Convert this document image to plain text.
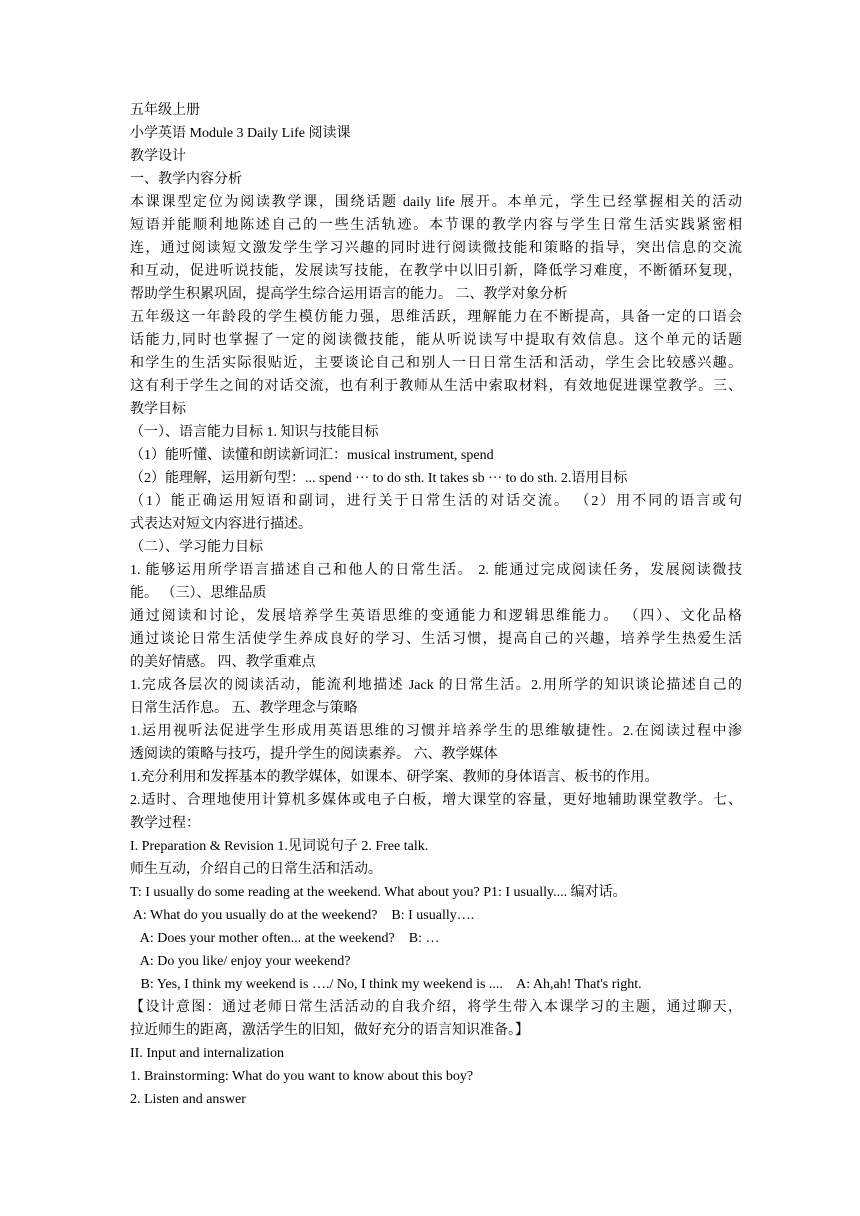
五年级上册
小学英语 Module 3 Daily Life 阅读课
教学设计
一、教学内容分析
本课课型定位为阅读教学课，围绕话题 daily life 展开。本单元，学生已经掌握相关的活动
短语并能顺利地陈述自己的一些生活轨迹。本节课的教学内容与学生日常生活实践紧密相
连，通过阅读短文激发学生学习兴趣的同时进行阅读微技能和策略的指导，突出信息的交流
和互动，促进听说技能，发展读写技能，在教学中以旧引新，降低学习难度，不断循环复现，
帮助学生积累巩固，提高学生综合运用语言的能力。 二、教学对象分析
五年级这一年龄段的学生模仿能力强，思维活跃，理解能力在不断提高，具备一定的口语会
话能力,同时也掌握了一定的阅读微技能，能从听说读写中提取有效信息。这个单元的话题
和学生的生活实际很贴近，主要谈论自己和别人一日日常生活和活动，学生会比较感兴趣。
这有利于学生之间的对话交流，也有利于教师从生活中索取材料，有效地促进课堂教学。三、
教学目标
（一）、语言能力目标 1. 知识与技能目标
（1）能听懂、读懂和朗读新词汇：musical instrument, spend
（2）能理解，运用新句型：... spend ··· to do sth. It takes sb ··· to do sth. 2.语用目标
（1）能正确运用短语和副词，进行关于日常生活的对话交流。 （2）用不同的语言或句
式表达对短文内容进行描述。
（二）、学习能力目标
1. 能够运用所学语言描述自己和他人的日常生活。 2. 能通过完成阅读任务，发展阅读微技
能。 （三）、思维品质
通过阅读和讨论，发展培养学生英语思维的变通能力和逻辑思维能力。 （四）、文化品格
通过谈论日常生活使学生养成良好的学习、生活习惯，提高自己的兴趣，培养学生热爱生活
的美好情感。 四、教学重难点
1.完成各层次的阅读活动，能流利地描述 Jack 的日常生活。2.用所学的知识谈论描述自己的
日常生活作息。 五、教学理念与策略
1.运用视听法促进学生形成用英语思维的习惯并培养学生的思维敏捷性。2.在阅读过程中渗
透阅读的策略与技巧，提升学生的阅读素养。 六、教学媒体
1.充分利用和发挥基本的教学媒体，如课本、研学案、教师的身体语言、板书的作用。
2.适时、合理地使用计算机多媒体或电子白板，增大课堂的容量，更好地辅助课堂教学。七、
教学过程：
I. Preparation & Revision 1.见词说句子 2. Free talk.
师生互动，介绍自己的日常生活和活动。
T: I usually do some reading at the weekend. What about you? P1: I usually.... 编对话。
A: What do you usually do at the weekend?    B: I usually….
A: Does your mother often... at the weekend?    B: …
A: Do you like/ enjoy your weekend?
B: Yes, I think my weekend is …./ No, I think my weekend is ....    A: Ah,ah! That's right.
【设计意图：通过老师日常生活活动的自我介绍，将学生带入本课学习的主题，通过聊天，
拉近师生的距离，激活学生的旧知，做好充分的语言知识准备。】
II. Input and internalization
1. Brainstorming: What do you want to know about this boy?
2. Listen and answer
